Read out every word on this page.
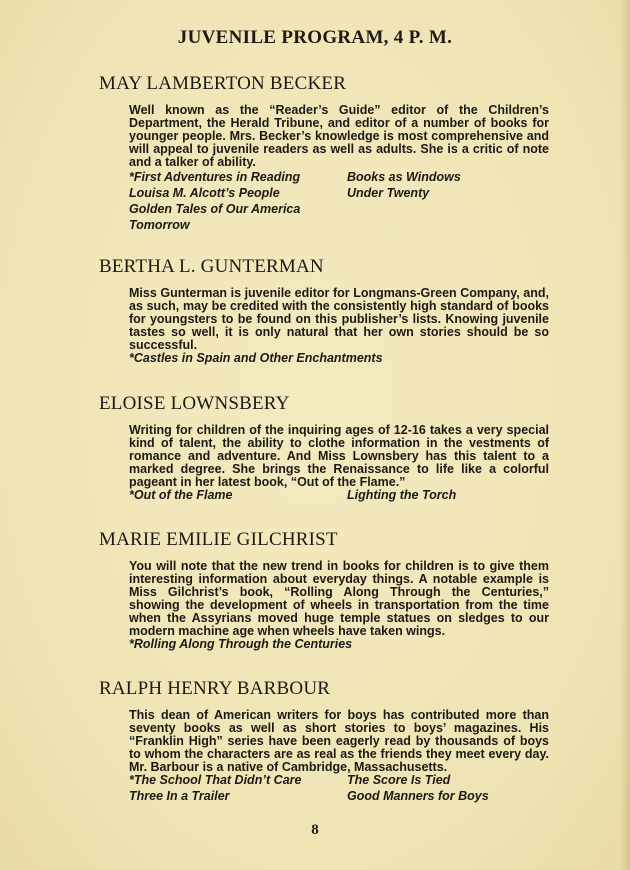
JUVENILE PROGRAM, 4 P. M.
MAY LAMBERTON BECKER

Well known as the “Reader’s Guide” editor of the Children’s Department, the Herald Tribune, and editor of a number of books for younger people. Mrs. Becker’s knowledge is most comprehensive and will appeal to juvenile readers as well as adults. She is a critic of note and a talker of ability.

*First Adventures in Reading	Books as Windows
Louisa M. Alcott’s People	Under Twenty
Golden Tales of Our America
Tomorrow
BERTHA L. GUNTERMAN

Miss Gunterman is juvenile editor for Longmans-Green Company, and, as such, may be credited with the consistently high standard of books for youngsters to be found on this publisher’s lists. Knowing juvenile tastes so well, it is only natural that her own stories should be so successful.

*Castles in Spain and Other Enchantments
ELOISE LOWNSBERY

Writing for children of the inquiring ages of 12-16 takes a very special kind of talent, the ability to clothe information in the vestments of romance and adventure. And Miss Lownsbery has this talent to a marked degree. She brings the Renaissance to life like a colorful pageant in her latest book, “Out of the Flame.”

*Out of the Flame	Lighting the Torch
MARIE EMILIE GILCHRIST

You will note that the new trend in books for children is to give them interesting information about everyday things. A notable example is Miss Gilchrist’s book, “Rolling Along Through the Centuries,” showing the development of wheels in transportation from the time when the Assyrians moved huge temple statues on sledges to our modern machine age when wheels have taken wings.

*Rolling Along Through the Centuries
RALPH HENRY BARBOUR

This dean of American writers for boys has contributed more than seventy books as well as short stories to boys’ magazines. His “Franklin High” series have been eagerly read by thousands of boys to whom the characters are as real as the friends they meet every day. Mr. Barbour is a native of Cambridge, Massachusetts.

*The School That Didn’t Care	The Score Is Tied
Three In a Trailer	Good Manners for Boys
8
